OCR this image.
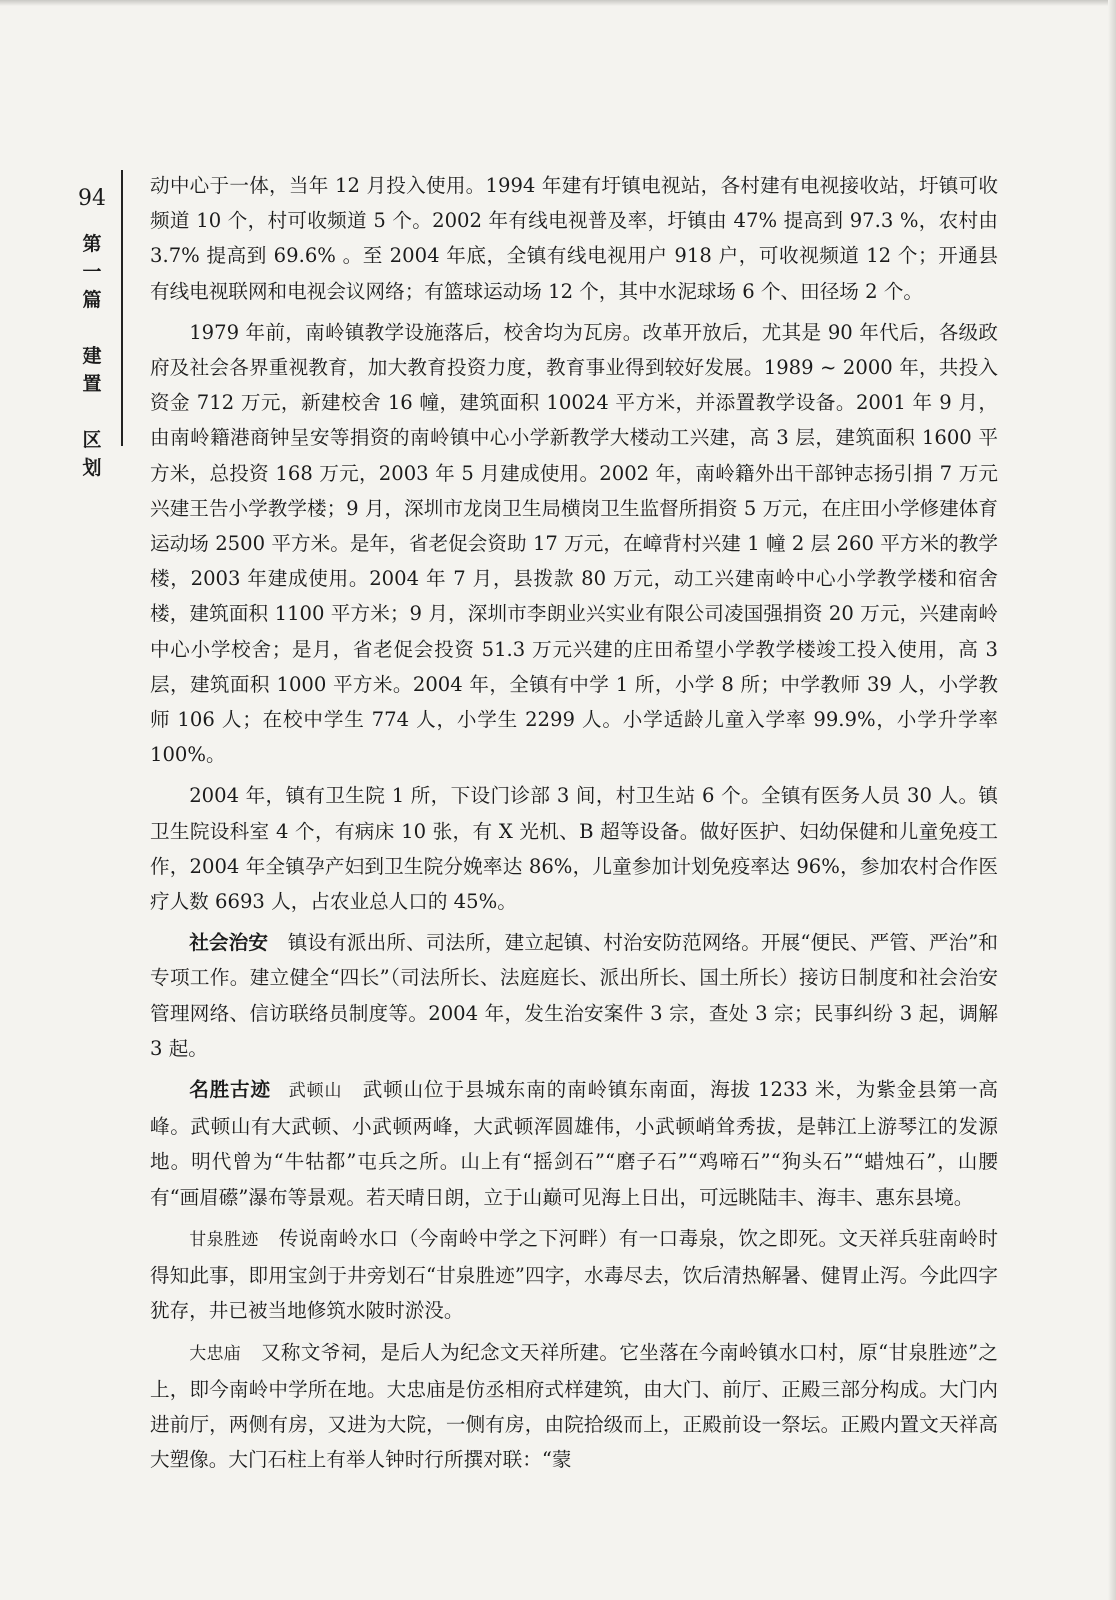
94
第
一
篇

建
置

区
划

动中心于一体，当年 12 月投入使用。1994 年建有圩镇电视站，各村建有电视接收站，圩镇可收频道 10 个，村可收频道 5 个。2002 年有线电视普及率，圩镇由 47% 提高到 97.3 %，农村由 3.7% 提高到 69.6% 。至 2004 年底，全镇有线电视用户 918 户，可收视频道 12 个；开通县有线电视联网和电视会议网络；有篮球运动场 12 个，其中水泥球场 6 个、田径场 2 个。

1979 年前，南岭镇教学设施落后，校舍均为瓦房。改革开放后，尤其是 90 年代后，各级政府及社会各界重视教育，加大教育投资力度，教育事业得到较好发展。1989 ~ 2000 年，共投入资金 712 万元，新建校舍 16 幢，建筑面积 10024 平方米，并添置教学设备。2001 年 9 月，由南岭籍港商钟呈安等捐资的南岭镇中心小学新教学大楼动工兴建，高 3 层，建筑面积 1600 平方米，总投资 168 万元，2003 年 5 月建成使用。2002 年，南岭籍外出干部钟志扬引捐 7 万元兴建王告小学教学楼；9 月，深圳市龙岗卫生局横岗卫生监督所捐资 5 万元，在庄田小学修建体育运动场 2500 平方米。是年，省老促会资助 17 万元，在嶂背村兴建 1 幢 2 层 260 平方米的教学楼，2003 年建成使用。2004 年 7 月，县拨款 80 万元，动工兴建南岭中心小学教学楼和宿舍楼，建筑面积 1100 平方米；9 月，深圳市李朗业兴实业有限公司凌国强捐资 20 万元，兴建南岭中心小学校舍；是月，省老促会投资 51.3 万元兴建的庄田希望小学教学楼竣工投入使用，高 3 层，建筑面积 1000 平方米。2004 年，全镇有中学 1 所，小学 8 所；中学教师 39 人，小学教师 106 人；在校中学生 774 人，小学生 2299 人。小学适龄儿童入学率 99.9%，小学升学率 100%。

2004 年，镇有卫生院 1 所，下设门诊部 3 间，村卫生站 6 个。全镇有医务人员 30 人。镇卫生院设科室 4 个，有病床 10 张，有 X 光机、B 超等设备。做好医护、妇幼保健和儿童免疫工作，2004 年全镇孕产妇到卫生院分娩率达 86%，儿童参加计划免疫率达 96%，参加农村合作医疗人数 6693 人，占农业总人口的 45%。

社会治安　镇设有派出所、司法所，建立起镇、村治安防范网络。开展“便民、严管、严治”和专项工作。建立健全“四长”（司法所长、法庭庭长、派出所长、国土所长）接访日制度和社会治安管理网络、信访联络员制度等。2004 年，发生治安案件 3 宗，查处 3 宗；民事纠纷 3 起，调解 3 起。

名胜古迹　武顿山　武顿山位于县城东南的南岭镇东南面，海拔 1233 米，为紫金县第一高峰。武顿山有大武顿、小武顿两峰，大武顿浑圆雄伟，小武顿峭耸秀拔，是韩江上游琴江的发源地。明代曾为“牛牯都”屯兵之所。山上有“摇剑石”“磨子石”“鸡啼石”“狗头石”“蜡烛石”，山腰有“画眉礤”瀑布等景观。若天晴日朗，立于山巅可见海上日出，可远眺陆丰、海丰、惠东县境。

甘泉胜迹　传说南岭水口（今南岭中学之下河畔）有一口毒泉，饮之即死。文天祥兵驻南岭时得知此事，即用宝剑于井旁划石“甘泉胜迹”四字，水毒尽去，饮后清热解暑、健胃止泻。今此四字犹存，井已被当地修筑水陂时淤没。

大忠庙　又称文爷祠，是后人为纪念文天祥所建。它坐落在今南岭镇水口村，原“甘泉胜迹”之上，即今南岭中学所在地。大忠庙是仿丞相府式样建筑，由大门、前厅、正殿三部分构成。大门内进前厅，两侧有房，又进为大院，一侧有房，由院拾级而上，正殿前设一祭坛。正殿内置文天祥高大塑像。大门石柱上有举人钟时行所撰对联：“蒙
